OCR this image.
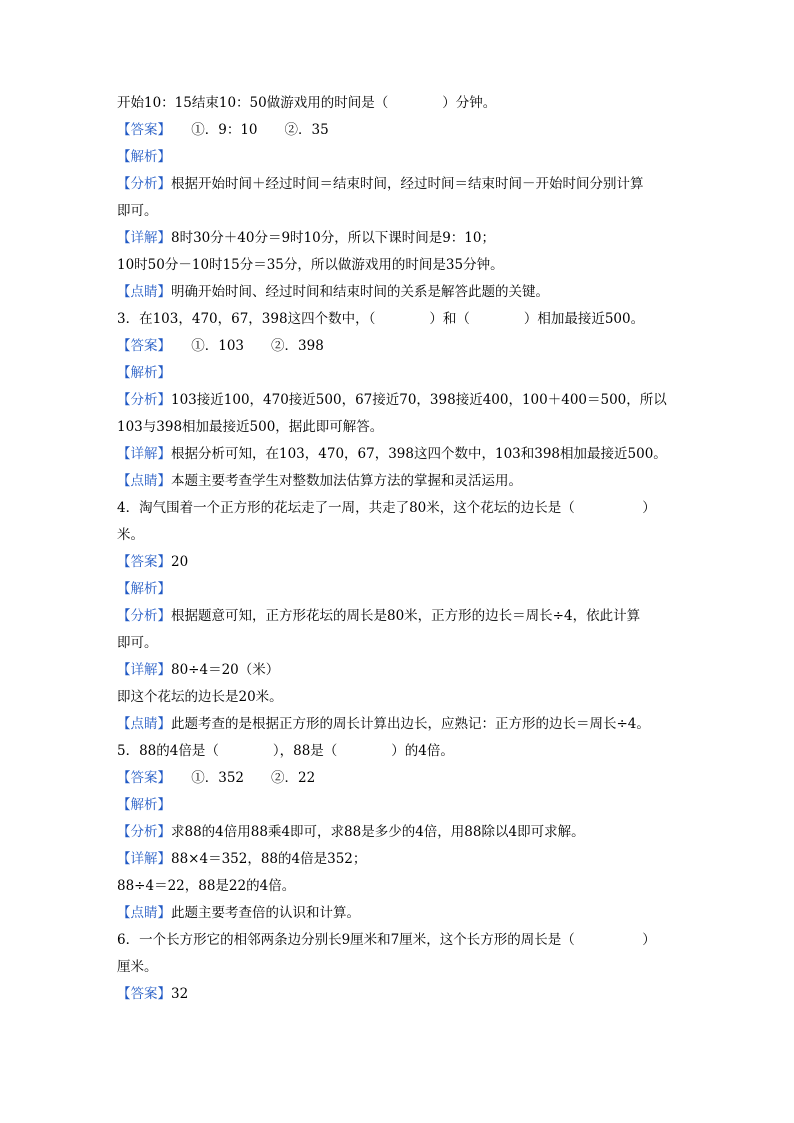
开始10：15结束10：50做游戏用的时间是（　　　　）分钟。
【答案】　　①．9：10　　②．35
【解析】
【分析】根据开始时间＋经过时间＝结束时间，经过时间＝结束时间－开始时间分别计算
即可。
【详解】8时30分＋40分＝9时10分，所以下课时间是9：10；
10时50分－10时15分＝35分，所以做游戏用的时间是35分钟。
【点睛】明确开始时间、经过时间和结束时间的关系是解答此题的关键。
3．在103，470，67，398这四个数中，（　　　　）和（　　　　）相加最接近500。
【答案】　　①．103　　②．398
【解析】
【分析】103接近100，470接近500，67接近70，398接近400，100＋400＝500，所以
103与398相加最接近500，据此即可解答。
【详解】根据分析可知，在103，470，67，398这四个数中，103和398相加最接近500。
【点睛】本题主要考查学生对整数加法估算方法的掌握和灵活运用。
4．淘气围着一个正方形的花坛走了一周，共走了80米，这个花坛的边长是（　　　　　）
米。
【答案】20
【解析】
【分析】根据题意可知，正方形花坛的周长是80米，正方形的边长＝周长÷4，依此计算
即可。
【详解】80÷4＝20（米）
即这个花坛的边长是20米。
【点睛】此题考查的是根据正方形的周长计算出边长，应熟记：正方形的边长＝周长÷4。
5．88的4倍是（　　　　），88是（　　　　）的4倍。
【答案】　　①．352　　②．22
【解析】
【分析】求88的4倍用88乘4即可，求88是多少的4倍，用88除以4即可求解。
【详解】88×4＝352，88的4倍是352；
88÷4＝22，88是22的4倍。
【点睛】此题主要考查倍的认识和计算。
6．一个长方形它的相邻两条边分别长9厘米和7厘米，这个长方形的周长是（　　　　　）
厘米。
【答案】32
